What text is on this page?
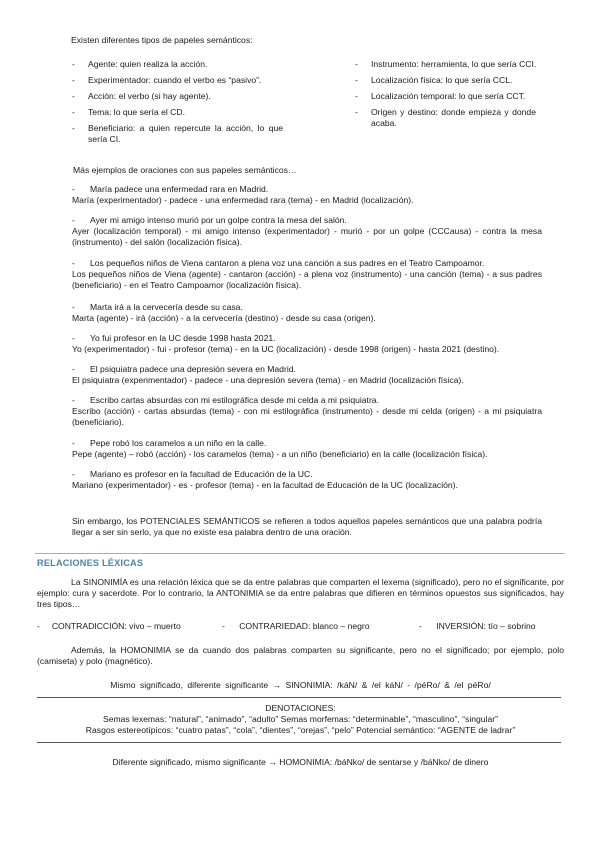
Existen diferentes tipos de papeles semánticos:
- Agente: quien realiza la acción.
- Experimentador: cuando el verbo es “pasivo”.
- Acción: el verbo (si hay agente).
- Tema: lo que sería el CD.
- Beneficiario: a quien repercute la acción, lo que sería CI.
- Instrumento: herramienta, lo que sería CCI.
- Localización física: lo que sería CCL.
- Localización temporal: lo que sería CCT.
- Origen y destino: donde empieza y donde acaba.
Más ejemplos de oraciones con sus papeles semánticos…
- María padece una enfermedad rara en Madrid.
María (experimentador) - padece - una enfermedad rara (tema) - en Madrid (localización).
- Ayer mi amigo intenso murió por un golpe contra la mesa del salón.
Ayer (localización temporal) - mi amigo intenso (experimentador) - murió - por un golpe (CCCausa) - contra la mesa (instrumento) - del salón (localización física).
- Los pequeños niños de Viena cantaron a plena voz una canción a sus padres en el Teatro Campoamor.
Los pequeños niños de Viena (agente) - cantaron (acción) - a plena voz (instrumento) - una canción (tema) - a sus padres (beneficiario) - en el Teatro Campoamor (localización física).
- Marta irá a la cervecería desde su casa.
Marta (agente) - irá (acción) - a la cervecería (destino) - desde su casa (origen).
- Yo fui profesor en la UC desde 1998 hasta 2021.
Yo (experimentador) - fui - profesor (tema) - en la UC (localización) - desde 1998 (origen) - hasta 2021 (destino).
- El psiquiatra padece una depresión severa en Madrid.
El psiquiatra (experimentador) - padece - una depresión severa (tema) - en Madrid (localización física).
- Escribo cartas absurdas con mi estilográfica desde mi celda a mi psiquiatra.
Escribo (acción) - cartas absurdas (tema) - con mi estilográfica (instrumento) - desde mi celda (origen) - a mi psiquiatra (beneficiario).
- Pepe robó los caramelos a un niño en la calle.
Pepe (agente) – robó (acción) - los caramelos (tema) - a un niño (beneficiario) en la calle (localización física).
- Mariano es profesor en la facultad de Educación de la UC.
Mariano (experimentador) - es - profesor (tema) - en la facultad de Educación de la UC (localización).
Sin embargo, los POTENCIALES SEMÁNTICOS se refieren a todos aquellos papeles semánticos que una palabra podría llegar a ser sin serlo, ya que no existe esa palabra dentro de una oración.
RELACIONES LÉXICAS
La SINONIMÍA es una relación léxica que se da entre palabras que comparten el lexema (significado), pero no el significante, por ejemplo: cura y sacerdote. Por lo contrario, la ANTONIMIA se da entre palabras que difieren en términos opuestos sus significados, hay tres tipos…
-     CONTRADICCIÓN: vivo – muerto	-      CONTRARIEDAD: blanco – negro	-      INVERSIÓN: tío – sobrino
Además, la HOMONIMIA se da cuando dos palabras comparten su significante, pero no el significado; por ejemplo, polo (camiseta) y polo (magnético).
Mismo significado, diferente significante → SINONIMIA: /káN/ & /el káN/ - /péRo/ & /el péRo/
DENOTACIONES:
Semas lexemas: “natural”, “animado”, “adulto” Semas morfemas: “determinable”, “masculino”, “singular”
Rasgos estereotípicos: “cuatro patas”, “cola”, “dientes”, “orejas”, “pelo” Potencial semántico: “AGENTE de ladrar”
Diferente significado, mismo significante → HOMONIMIA: /báNko/ de sentarse y /báNko/ de dinero
